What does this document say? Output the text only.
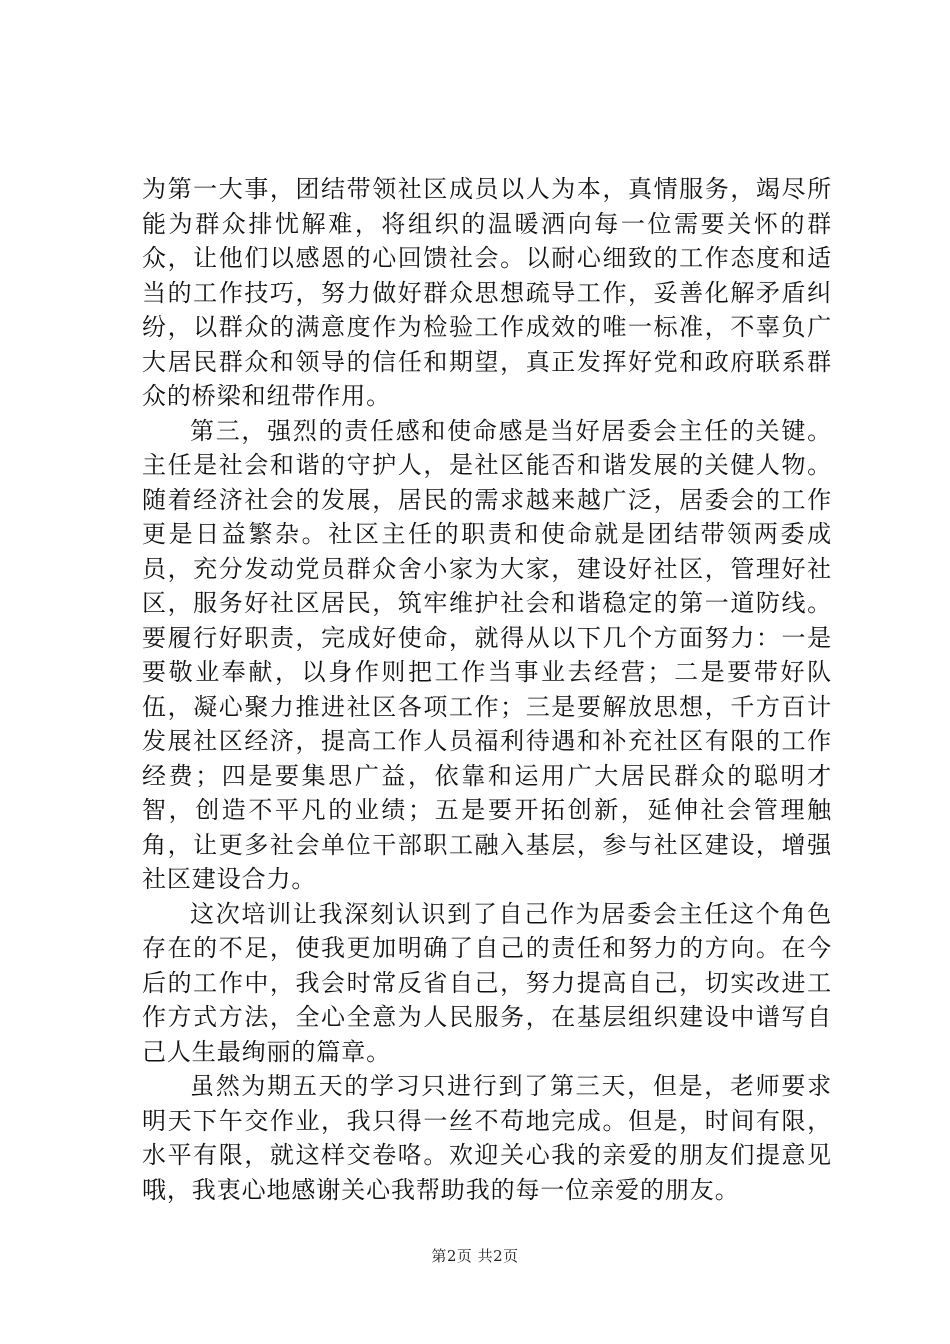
为第一大事，团结带领社区成员以人为本，真情服务，竭尽所能为群众排忧解难，将组织的温暖洒向每一位需要关怀的群众，让他们以感恩的心回馈社会。以耐心细致的工作态度和适当的工作技巧，努力做好群众思想疏导工作，妥善化解矛盾纠纷，以群众的满意度作为检验工作成效的唯一标准，不辜负广大居民群众和领导的信任和期望，真正发挥好党和政府联系群众的桥梁和纽带作用。

第三，强烈的责任感和使命感是当好居委会主任的关键。主任是社会和谐的守护人，是社区能否和谐发展的关健人物。随着经济社会的发展，居民的需求越来越广泛，居委会的工作更是日益繁杂。社区主任的职责和使命就是团结带领两委成员，充分发动党员群众舍小家为大家，建设好社区，管理好社区，服务好社区居民，筑牢维护社会和谐稳定的第一道防线。要履行好职责，完成好使命，就得从以下几个方面努力：一是要敬业奉献，以身作则把工作当事业去经营；二是要带好队伍，凝心聚力推进社区各项工作；三是要解放思想，千方百计发展社区经济，提高工作人员福利待遇和补充社区有限的工作经费；四是要集思广益，依靠和运用广大居民群众的聪明才智，创造不平凡的业绩；五是要开拓创新，延伸社会管理触角，让更多社会单位干部职工融入基层，参与社区建设，增强社区建设合力。

这次培训让我深刻认识到了自己作为居委会主任这个角色存在的不足，使我更加明确了自己的责任和努力的方向。在今后的工作中，我会时常反省自己，努力提高自己，切实改进工作方式方法，全心全意为人民服务，在基层组织建设中谱写自己人生最绚丽的篇章。

虽然为期五天的学习只进行到了第三天，但是，老师要求明天下午交作业，我只得一丝不苟地完成。但是，时间有限，水平有限，就这样交卷咯。欢迎关心我的亲爱的朋友们提意见哦，我衷心地感谢关心我帮助我的每一位亲爱的朋友。

第2页 共2页
